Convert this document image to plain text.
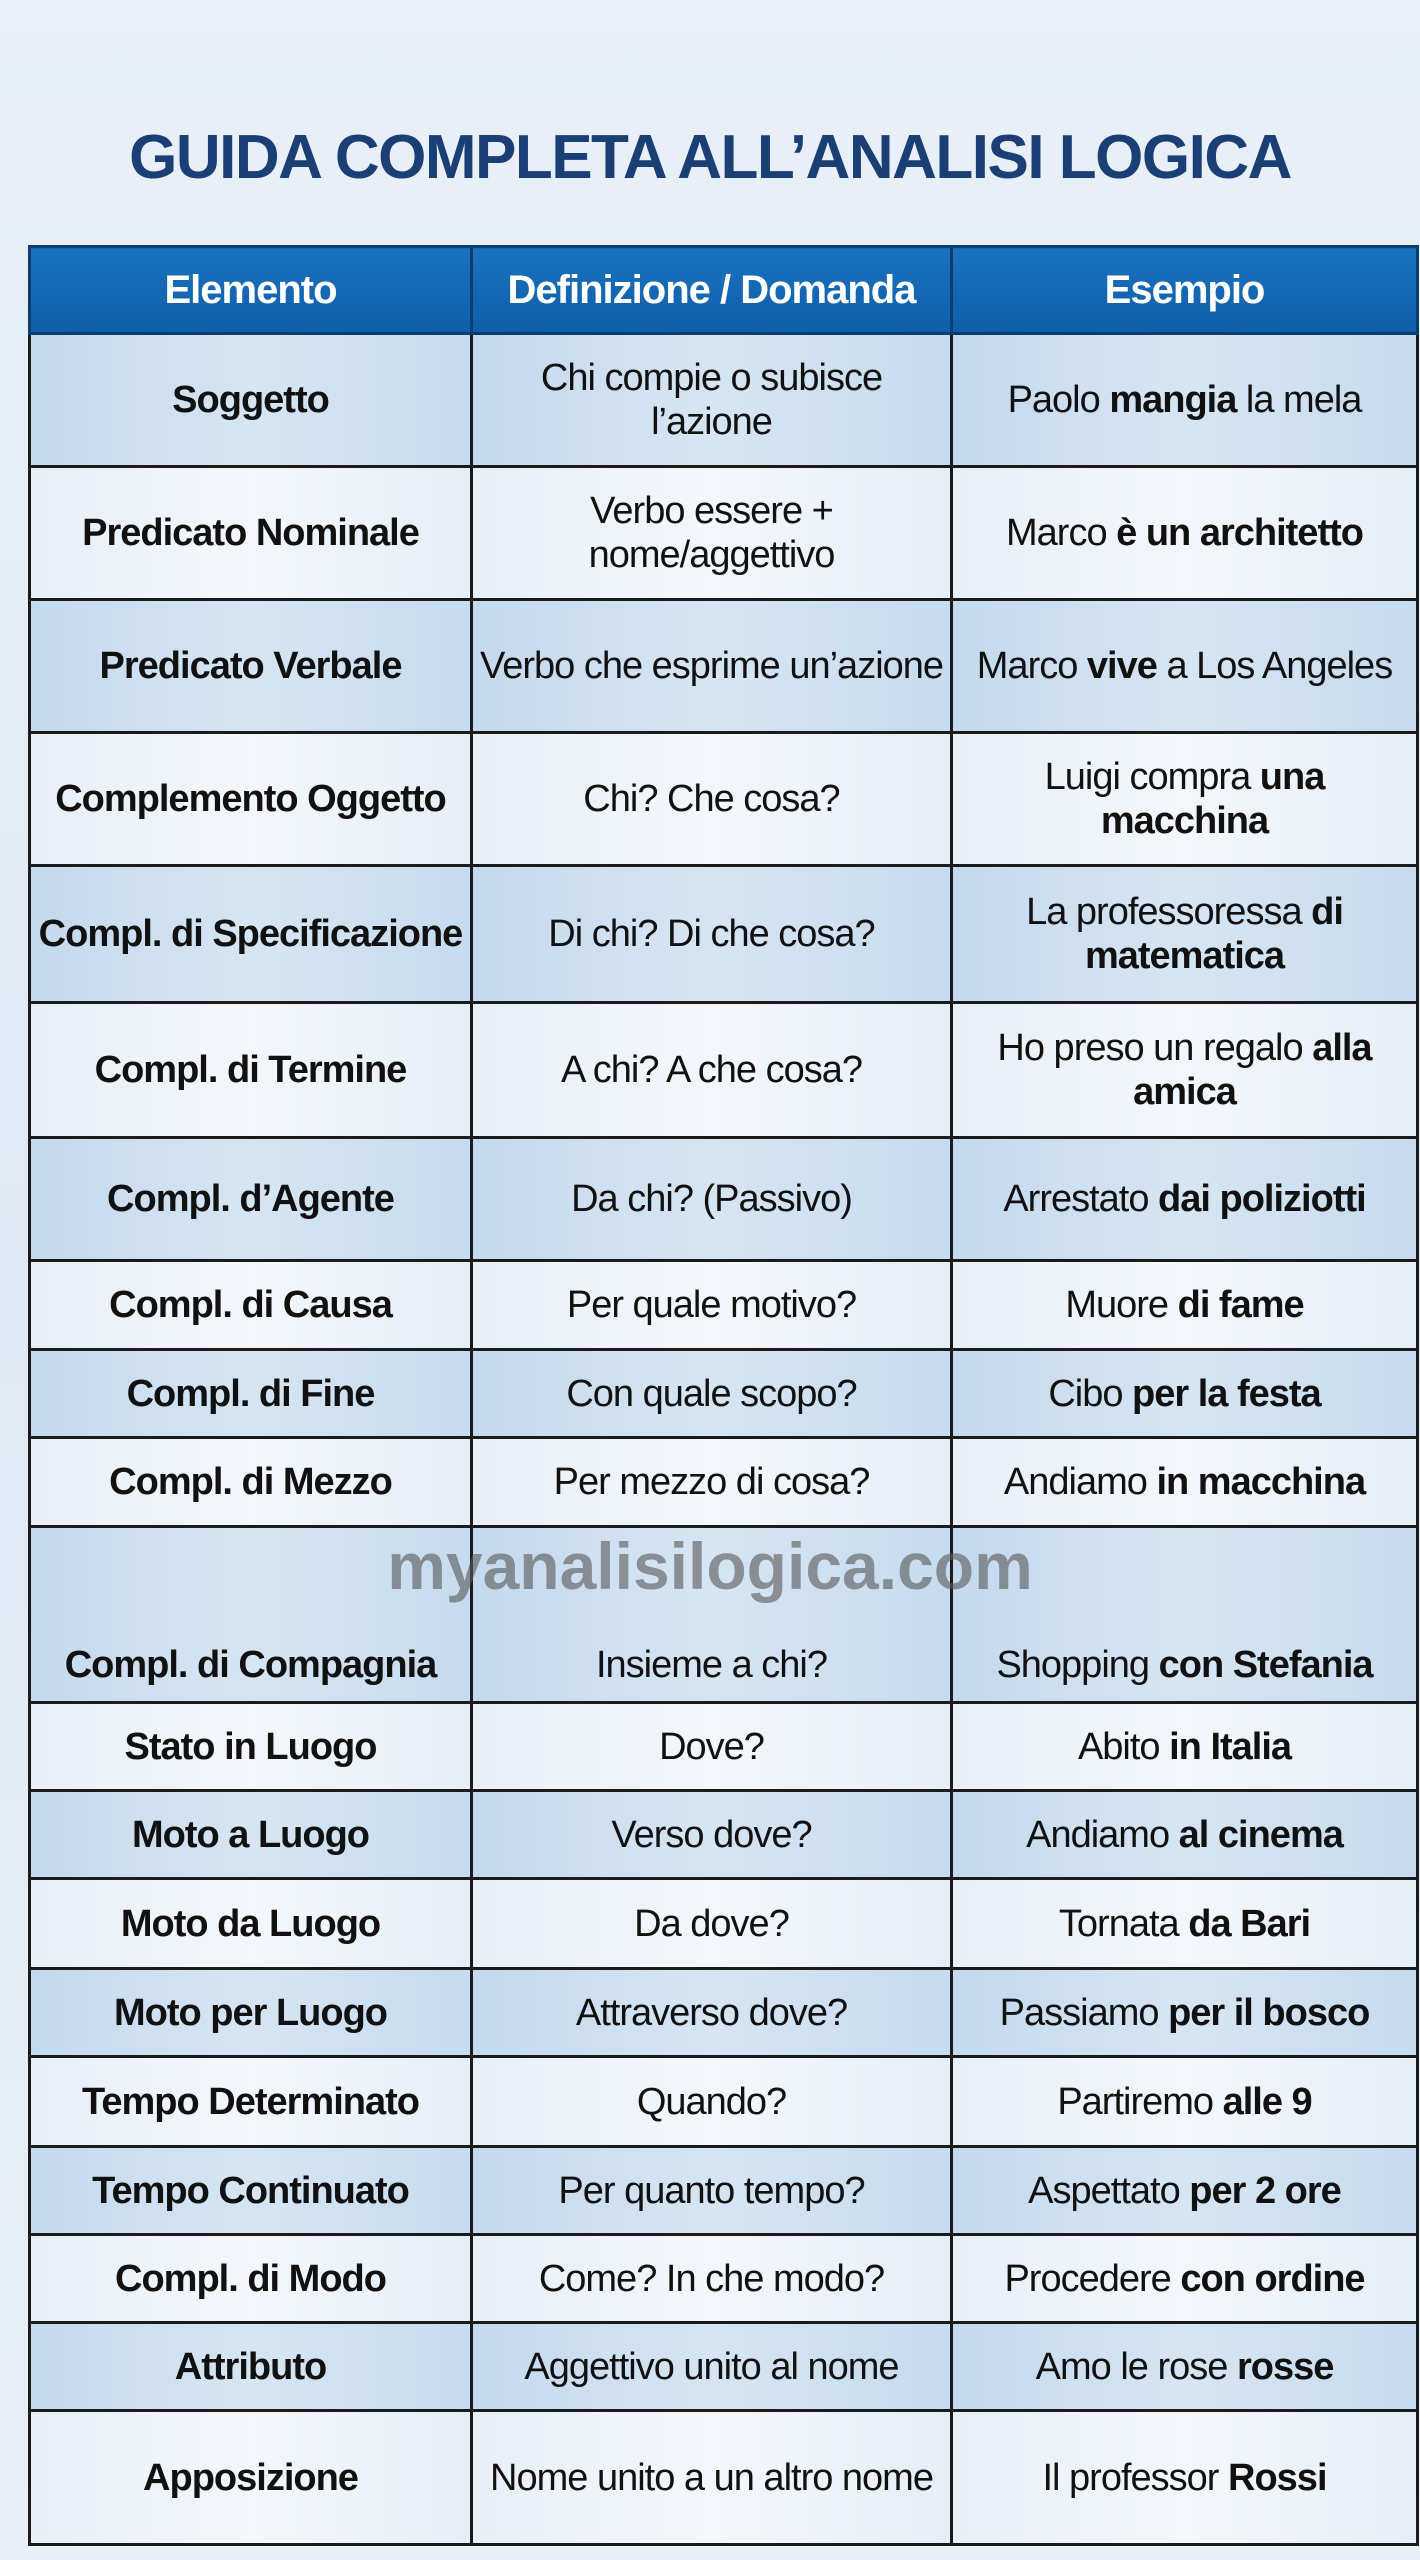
GUIDA COMPLETA ALL’ANALISI LOGICA
Elemento	Definizione / Domanda	Esempio
Soggetto	Chi compie o subisce l’azione	Paolo mangia la mela
Predicato Nominale	Verbo essere + nome/aggettivo	Marco è un architetto
Predicato Verbale	Verbo che esprime un’azione	Marco vive a Los Angeles
Complemento Oggetto	Chi? Che cosa?	Luigi compra una macchina
Compl. di Specificazione	Di chi? Di che cosa?	La professoressa di matematica
Compl. di Termine	A chi? A che cosa?	Ho preso un regalo alla amica
Compl. d’Agente	Da chi? (Passivo)	Arrestato dai poliziotti
Compl. di Causa	Per quale motivo?	Muore di fame
Compl. di Fine	Con quale scopo?	Cibo per la festa
Compl. di Mezzo	Per mezzo di cosa?	Andiamo in macchina
Compl. di Compagnia	Insieme a chi?	Shopping con Stefania
Stato in Luogo	Dove?	Abito in Italia
Moto a Luogo	Verso dove?	Andiamo al cinema
Moto da Luogo	Da dove?	Tornata da Bari
Moto per Luogo	Attraverso dove?	Passiamo per il bosco
Tempo Determinato	Quando?	Partiremo alle 9
Tempo Continuato	Per quanto tempo?	Aspettato per 2 ore
Compl. di Modo	Come? In che modo?	Procedere con ordine
Attributo	Aggettivo unito al nome	Amo le rose rosse
Apposizione	Nome unito a un altro nome	Il professor Rossi
myanalisilogica.com
